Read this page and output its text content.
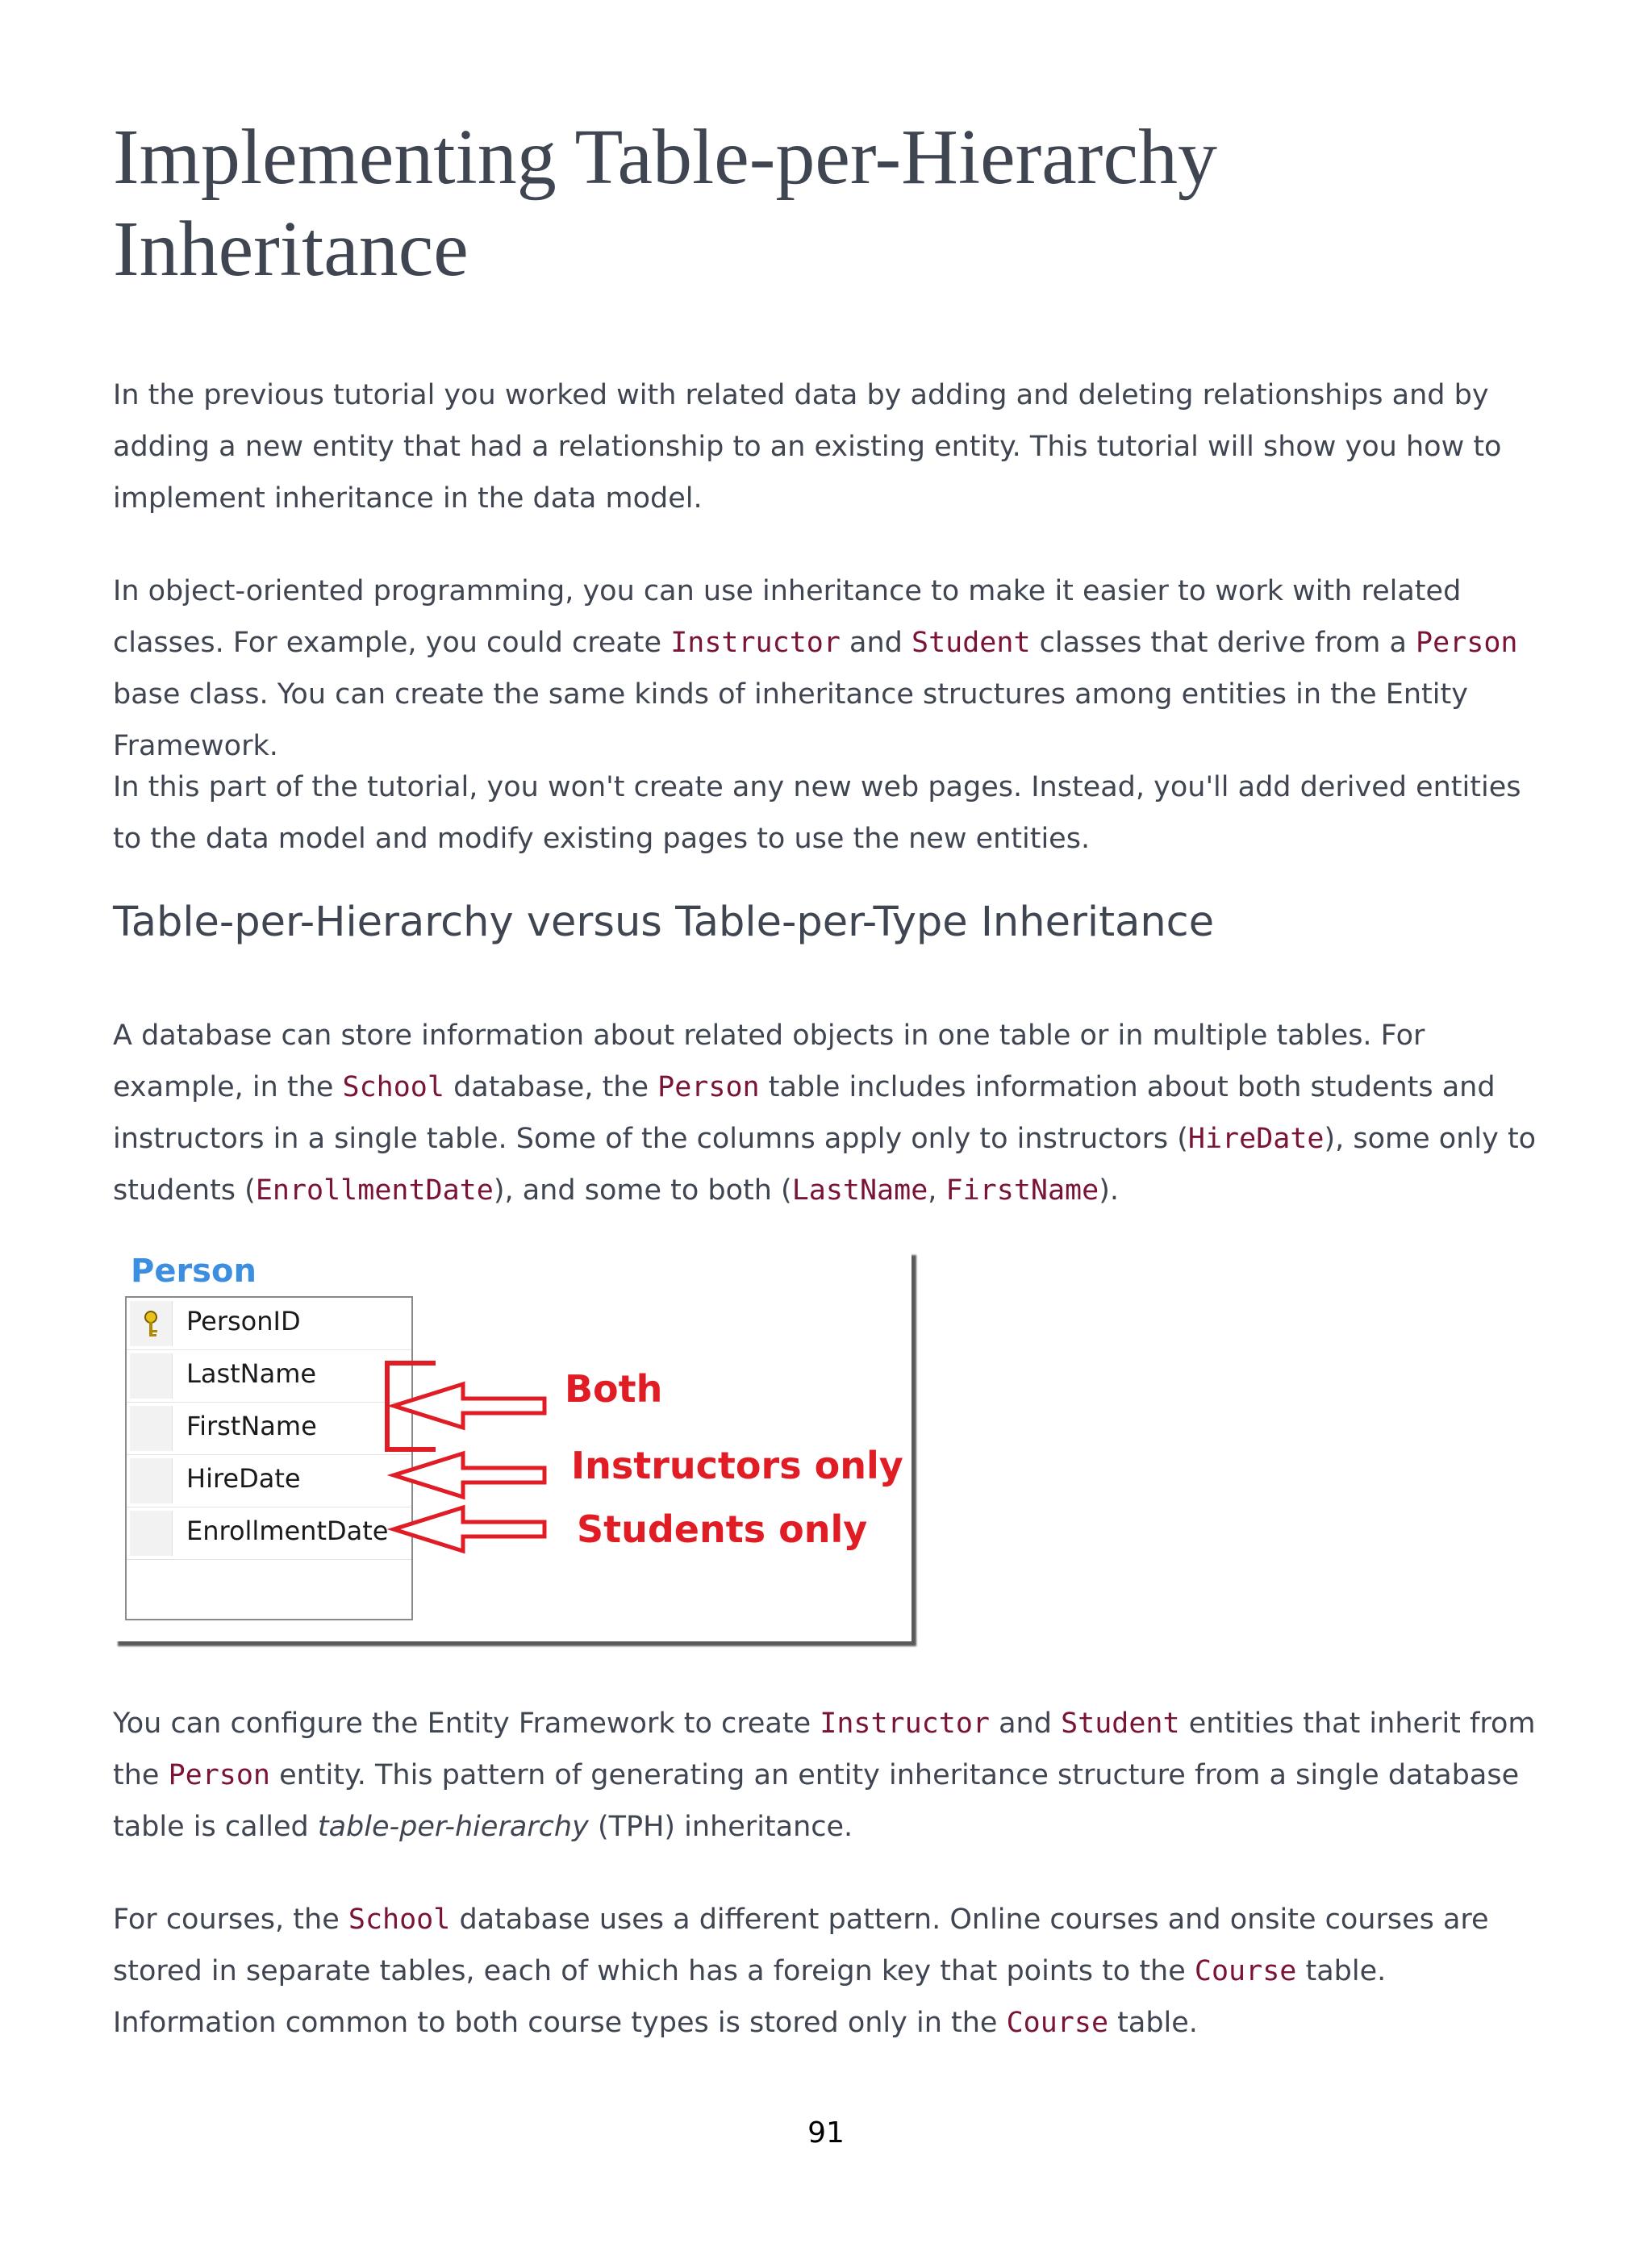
Implementing Table-per-Hierarchy Inheritance

In the previous tutorial you worked with related data by adding and deleting relationships and by adding a new entity that had a relationship to an existing entity. This tutorial will show you how to implement inheritance in the data model.

In object-oriented programming, you can use inheritance to make it easier to work with related classes. For example, you could create Instructor and Student classes that derive from a Person base class. You can create the same kinds of inheritance structures among entities in the Entity Framework.

In this part of the tutorial, you won't create any new web pages. Instead, you'll add derived entities to the data model and modify existing pages to use the new entities.

Table-per-Hierarchy versus Table-per-Type Inheritance

A database can store information about related objects in one table or in multiple tables. For example, in the School database, the Person table includes information about both students and instructors in a single table. Some of the columns apply only to instructors (HireDate), some only to students (EnrollmentDate), and some to both (LastName, FirstName).

Person
PersonID
LastName
FirstName
HireDate
EnrollmentDate
Both
Instructors only
Students only

You can configure the Entity Framework to create Instructor and Student entities that inherit from the Person entity. This pattern of generating an entity inheritance structure from a single database table is called table-per-hierarchy (TPH) inheritance.

For courses, the School database uses a different pattern. Online courses and onsite courses are stored in separate tables, each of which has a foreign key that points to the Course table. Information common to both course types is stored only in the Course table.

91
